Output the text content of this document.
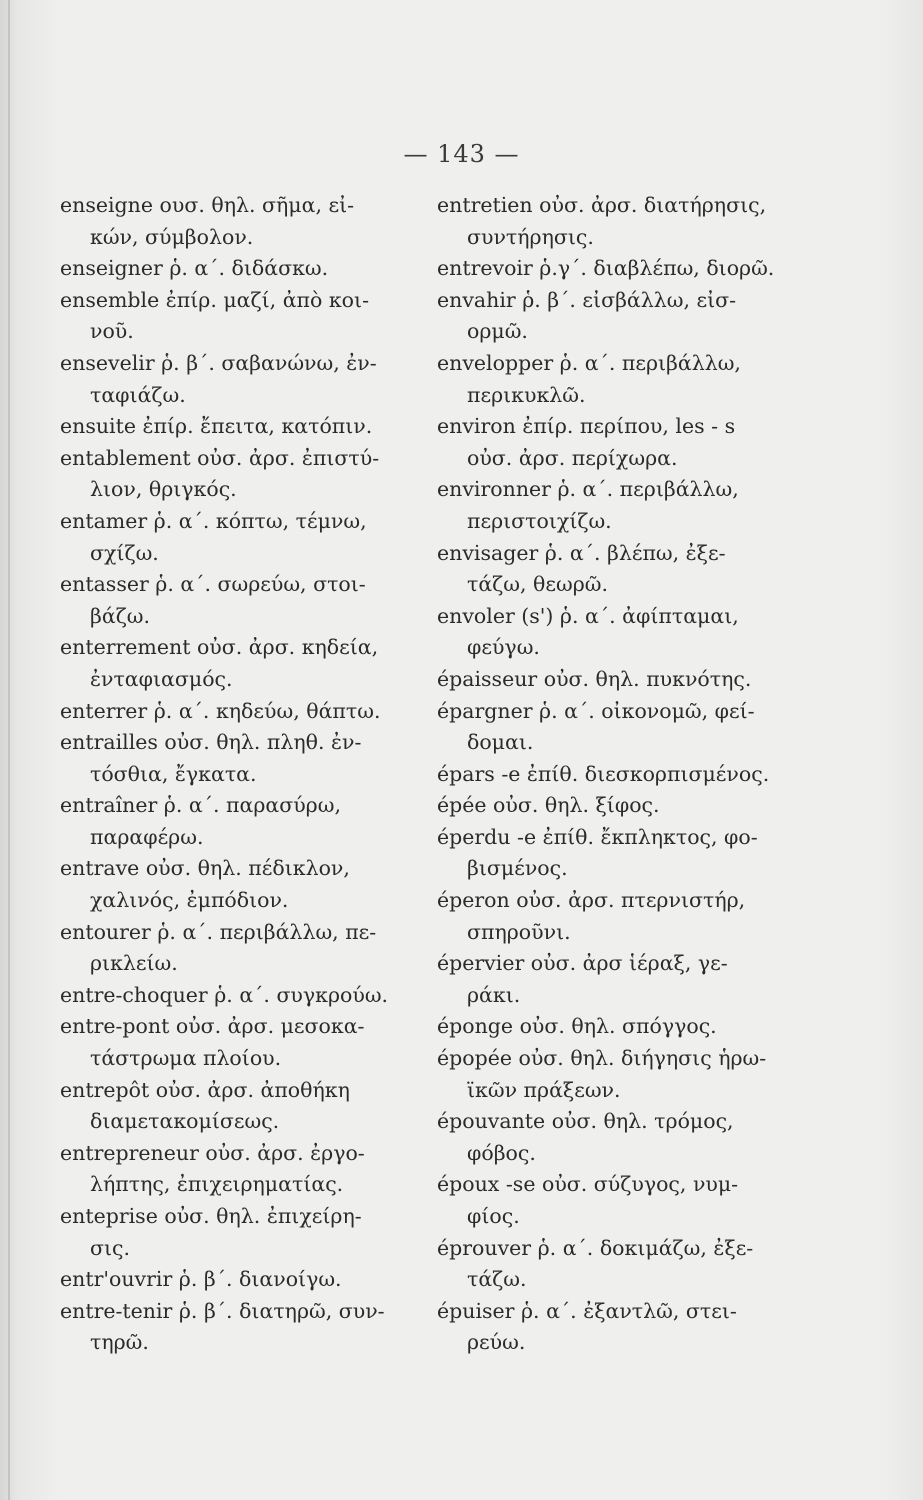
— 143 —
enseigne ουσ. θηλ. σῆμα, εἰ-
κών, σύμβολον.
enseigner ῥ. α΄. διδάσκω.
ensemble ἐπίρ. μαζί, ἀπὸ κοι-
νοῦ.
ensevelir ῥ. β΄. σαβανώνω, ἐν-
ταφιάζω.
ensuite ἐπίρ. ἔπειτα, κατόπιν.
entablement οὐσ. ἀρσ. ἐπιστύ-
λιον, θριγκός.
entamer ῥ. α΄. κόπτω, τέμνω,
σχίζω.
entasser ῥ. α΄. σωρεύω, στοι-
βάζω.
enterrement οὐσ. ἀρσ. κηδεία,
ἐνταφιασμός.
enterrer ῥ. α΄. κηδεύω, θάπτω.
entrailles οὐσ. θηλ. πληθ. ἐν-
τόσθια, ἔγκατα.
entraîner ῥ. α΄. παρασύρω,
παραφέρω.
entrave οὐσ. θηλ. πέδικλον,
χαλινός, ἐμπόδιον.
entourer ῥ. α΄. περιβάλλω, πε-
ρικλείω.
entre-choquer ῥ. α΄. συγκρούω.
entre-pont οὐσ. ἀρσ. μεσοκα-
τάστρωμα πλοίου.
entrepôt οὐσ. ἀρσ. ἀποθήκη
διαμετακομίσεως.
entrepreneur οὐσ. ἀρσ. ἐργο-
λήπτης, ἐπιχειρηματίας.
enteprise οὐσ. θηλ. ἐπιχείρη-
σις.
entr'ouvrir ῥ. β΄. διανοίγω.
entre-tenir ῥ. β΄. διατηρῶ, συν-
τηρῶ.
entretien οὐσ. ἀρσ. διατήρησις,
συντήρησις.
entrevoir ῥ.γ΄. διαβλέπω, διορῶ.
envahir ῥ. β΄. εἰσβάλλω, εἰσ-
ορμῶ.
envelopper ῥ. α΄. περιβάλλω,
περικυκλῶ.
environ ἐπίρ. περίπου, les - s
οὐσ. ἀρσ. περίχωρα.
environner ῥ. α΄. περιβάλλω,
περιστοιχίζω.
envisager ῥ. α΄. βλέπω, ἐξε-
τάζω, θεωρῶ.
envoler (s') ῥ. α΄. ἀφίπταμαι,
φεύγω.
épaisseur οὐσ. θηλ. πυκνότης.
épargner ῥ. α΄. οἰκονομῶ, φεί-
δομαι.
épars -e ἐπίθ. διεσκορπισμένος.
épée οὐσ. θηλ. ξίφος.
éperdu -e ἐπίθ. ἔκπληκτος, φο-
βισμένος.
éperon οὐσ. ἀρσ. πτερνιστήρ,
σπηροῦνι.
épervier οὐσ. ἀρσ ἱέραξ, γε-
ράκι.
éponge οὐσ. θηλ. σπόγγος.
épopée οὐσ. θηλ. διήγησις ἡρω-
ϊκῶν πράξεων.
épouvante οὐσ. θηλ. τρόμος,
φόβος.
époux -se οὐσ. σύζυγος, νυμ-
φίος.
éprouver ῥ. α΄. δοκιμάζω, ἐξε-
τάζω.
épuiser ῥ. α΄. ἐξαντλῶ, στει-
ρεύω.
